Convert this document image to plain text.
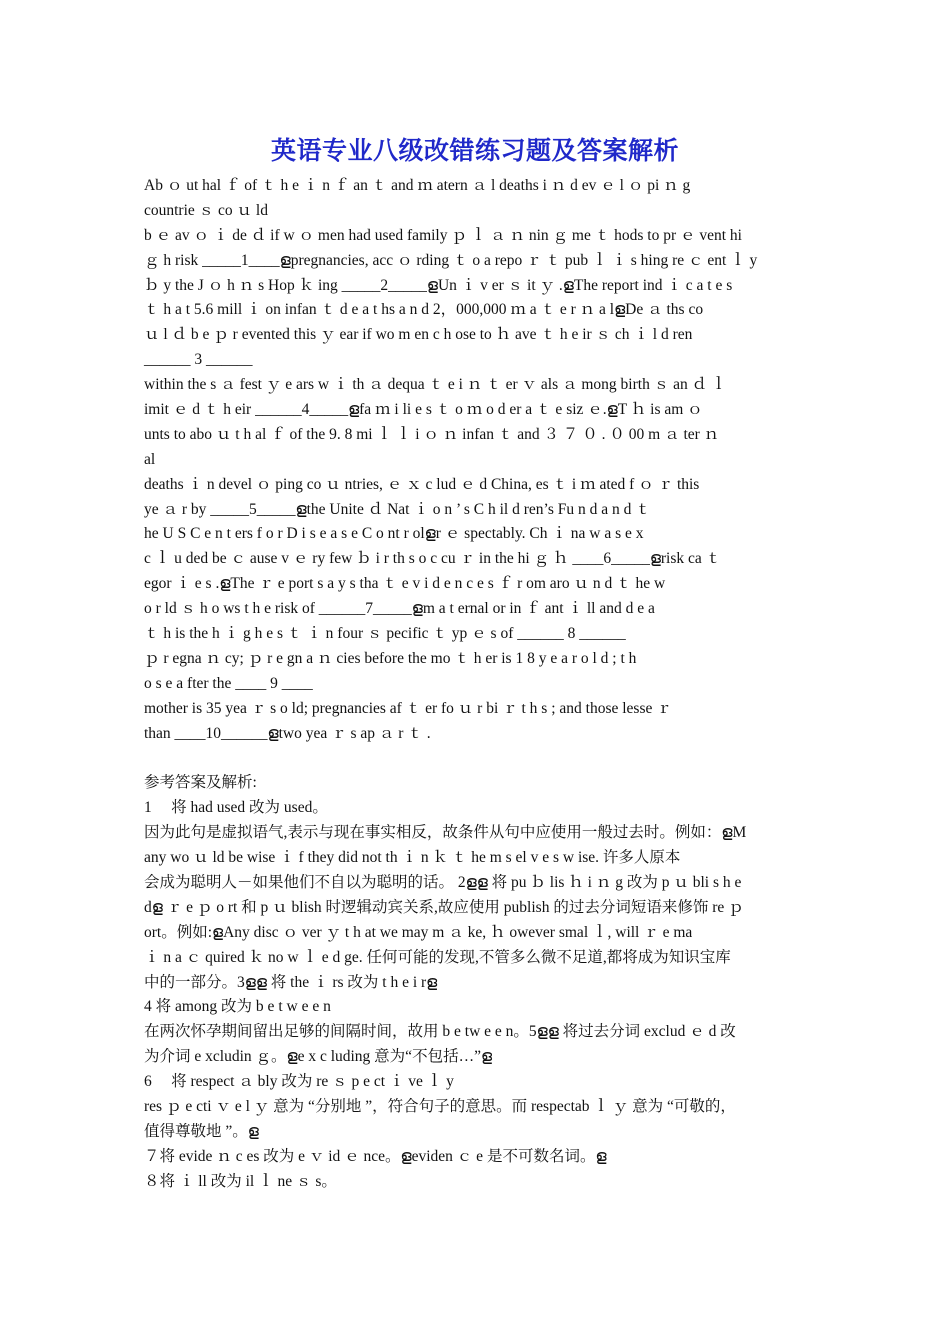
英语专业八级改错练习题及答案解析
Ab ｏ ut hal ｆ of ｔ h e ｉ n ｆ an ｔ and ｍ atern ａ l deaths i ｎ d ev ｅ l ｏ pi ｎ g
countrie ｓ co ｕ ld
b ｅ av ｏ ｉ de ｄ if w ｏ men had used family ｐ ｌ ａ ｎ nin ｇ me ｔ hods to pr ｅ vent hi
ｇ h risk _____1____ളpregnancies, acc ｏ rding ｔ o a repo ｒ ｔ pub ｌ ｉ s hing re ｃ ent ｌ y
ｂ y the J ｏ h ｎ s Hop ｋ ing _____2_____ളUn ｉ v er ｓ it ｙ .ളThe report ind ｉ c a t e s
ｔ h a t 5.6 mill ｉ on infan ｔ d e a t hs a n d 2，000,000 ｍ a ｔ e r ｎ a lളDe ａ ths co
ｕ l ｄ b e ｐ r evented this ｙ ear if wo m en c h ose to ｈ ave ｔ h e ir ｓ ch ｉ l d ren
______ 3 ______
within the s ａ fest ｙ e ars w ｉ th ａ dequa ｔ e i ｎ ｔ er ｖ als ａ mong birth ｓ an ｄ ｌ
imit ｅ d ｔ h eir ______4_____ളfa ｍ i li e s ｔ o ｍ o d er a ｔ e siz ｅ.ളT ｈ is am ｏ
unts to abo ｕ t h al ｆ of the 9. 8 mi ｌ ｌ i ｏ ｎ infan ｔ and ３ ７ ０ . ０ 00 m ａ ter ｎ
al
deaths ｉ n devel ｏ ping co ｕ ntries, ｅ ｘ c lud ｅ d China, es ｔ i ｍ ated f ｏ ｒ this
ye ａ r by _____5_____ളthe Unite ｄ Nat ｉ o n ’ s C h il d ren’s Fu n d a n d ｔ
he U S C e n t ers f o r D i s e a s e C o nt r olളr ｅ spectably. Ch ｉ na w a s e x
c ｌ u ded be ｃ ause v ｅ ry few ｂ i r th s o c cu ｒ in the hi ｇ ｈ ____6_____ളrisk ca ｔ
egor ｉ e s .ളThe ｒ e port s a y s tha ｔ e v i d e n c e s ｆ r om aro ｕ n d ｔ he w
o r ld ｓ h o ws t h e risk of ______7_____ളm a t ernal or in ｆ ant ｉ ll and d e a
ｔ h is the h ｉ g h e s ｔ ｉ n four ｓ pecific ｔ yp ｅ s of ______ 8 ______
ｐ r egna ｎ cy; ｐ r e gn a ｎ cies before the mo ｔ h er is 1 8 y e a r o l d ; t h
o s e a fter the ____ 9 ____
mother is 35 yea ｒ s o ld; pregnancies af ｔ er fo ｕ r bi ｒ t h s ; and those lesse ｒ
than ____10______ളtwo yea ｒ s ap ａ r ｔ .
参考答案及解析:
1　 将 had used 改为 used。
因为此句是虚拟语气,表示与现在事实相反，故条件从句中应使用一般过去时。例如：ളM
any wo ｕ ld be wise ｉ f they did not th ｉ n ｋ ｔ he m s el v e s w ise. 许多人原本
会成为聪明人－如果他们不自以为聪明的话。 2ളള 将 pu ｂ lis ｈ i ｎ g 改为 p ｕ bli s h e
dള ｒ e ｐ o rt 和 p ｕ blish 时逻辑动宾关系,故应使用 publish 的过去分词短语来修饰 re ｐ
ort。例如:ളAny disc ｏ ver ｙ t h at we may m ａ ke, ｈ owever smal ｌ, will ｒ e ma
ｉ n a ｃ quired ｋ no w ｌ e d ge. 任何可能的发现,不管多么微不足道,都将成为知识宝库
中的一部分。3ളള 将 the ｉ rs 改为 t h e i rള
4 将 among 改为 b e t w e e n
在两次怀孕期间留出足够的间隔时间，故用 b e tw e e n。5ളള 将过去分词 exclud ｅ d 改
为介词 e xcludin ｇ。ളe x c luding 意为“不包括…”ള
6　 将 respect ａ bly 改为 re ｓ p e ct ｉ ve ｌ y
res ｐ e cti ｖ e l ｙ 意为 “分别地 ”，符合句子的意思。而 respectab ｌ ｙ 意为 “可敬的，
值得尊敬地 ”。ള
７将 evide ｎ c es 改为 e ｖ id ｅ nce。ളeviden ｃ e 是不可数名词。ള
８将 ｉ ll 改为 il ｌ ne ｓ s。
